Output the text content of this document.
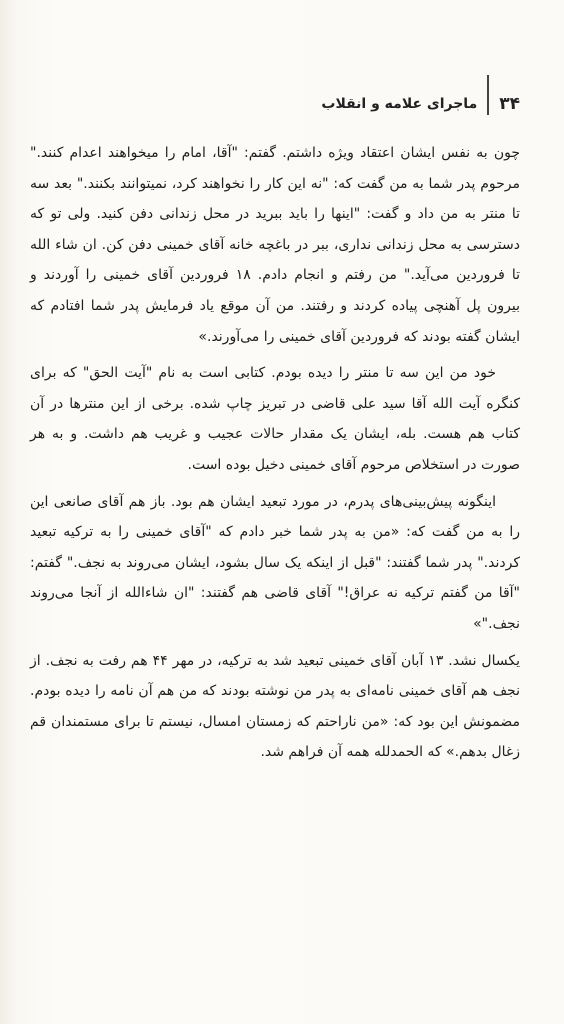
۳۴
ماجرای علامه و انقلاب

چون به نفس ایشان اعتقاد ویژه داشتم. گفتم: "آقا، امام را میخواهند اعدام کنند." مرحوم پدر شما به من گفت که: "نه این کار را نخواهند کرد، نمیتوانند بکنند." بعد سه تا منتر به من داد و گفت: "اینها را باید ببرید در محل زندانی دفن کنید. ولی تو که دسترسی به محل زندانی نداری، ببر در باغچه خانه آقای خمینی دفن کن. ان شاء الله تا فروردین می‌آید." من رفتم و انجام دادم. ۱۸ فروردین آقای خمینی را آوردند و بیرون پل آهنچی پیاده کردند و رفتند. من آن موقع یاد فرمایش پدر شما افتادم که ایشان گفته بودند که فروردین آقای خمینی را می‌آورند.»

خود من این سه تا منتر را دیده بودم. کتابی است به نام "آیت الحق" که برای کنگره آیت الله آقا سید علی قاضی در تبریز چاپ شده. برخی از این منترها در آن کتاب هم هست. بله، ایشان یک مقدار حالات عجیب و غریب هم داشت. و به هر صورت در استخلاص مرحوم آقای خمینی دخیل بوده است.

اینگونه پیش‌بینی‌های پدرم، در مورد تبعید ایشان هم بود. باز هم آقای صانعی این را به من گفت که: «من به پدر شما خبر دادم که "آقای خمینی را به ترکیه تبعید کردند." پدر شما گفتند: "قبل از اینکه یک سال بشود، ایشان می‌روند به نجف." گفتم: "آقا من گفتم ترکیه نه عراق!" آقای قاضی هم گفتند: "ان شاءالله از آنجا می‌روند نجف."»

یکسال نشد. ۱۳ آبان آقای خمینی تبعید شد به ترکیه، در مهر ۴۴ هم رفت به نجف. از نجف هم آقای خمینی نامه‌ای به پدر من نوشته بودند که من هم آن نامه را دیده بودم. مضمونش این بود که: «من ناراحتم که زمستان امسال، نیستم تا برای مستمندان قم زغال بدهم.» که الحمدلله همه آن فراهم شد.
